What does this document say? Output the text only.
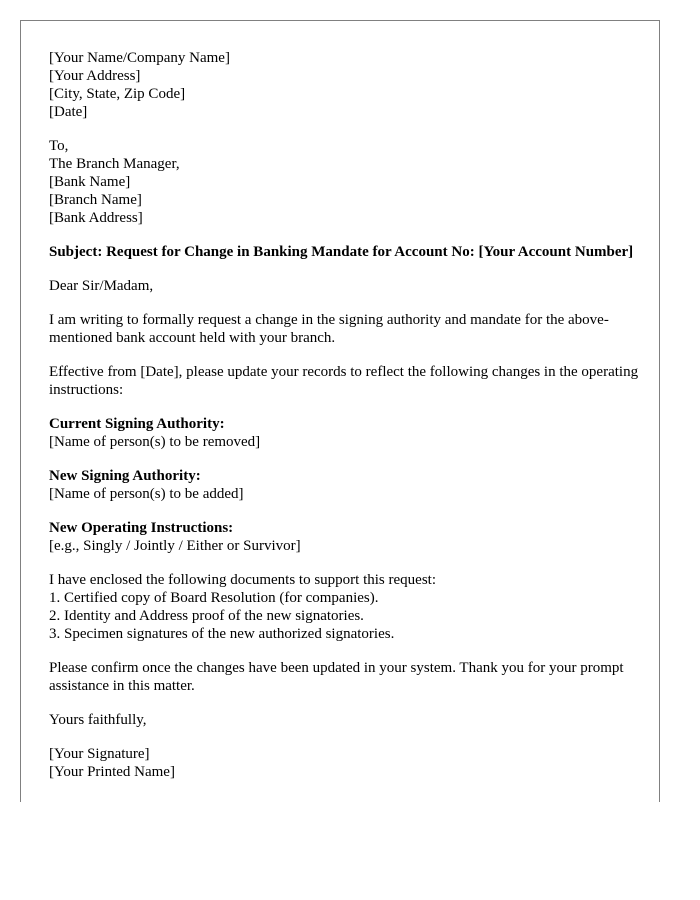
[Your Name/Company Name]
[Your Address]
[City, State, Zip Code]
[Date]
To,
The Branch Manager,
[Bank Name]
[Branch Name]
[Bank Address]
Subject: Request for Change in Banking Mandate for Account No: [Your Account Number]
Dear Sir/Madam,
I am writing to formally request a change in the signing authority and mandate for the above-mentioned bank account held with your branch.
Effective from [Date], please update your records to reflect the following changes in the operating instructions:
Current Signing Authority:
[Name of person(s) to be removed]
New Signing Authority:
[Name of person(s) to be added]
New Operating Instructions:
[e.g., Singly / Jointly / Either or Survivor]
I have enclosed the following documents to support this request:
1. Certified copy of Board Resolution (for companies).
2. Identity and Address proof of the new signatories.
3. Specimen signatures of the new authorized signatories.
Please confirm once the changes have been updated in your system. Thank you for your prompt assistance in this matter.
Yours faithfully,
[Your Signature]
[Your Printed Name]
